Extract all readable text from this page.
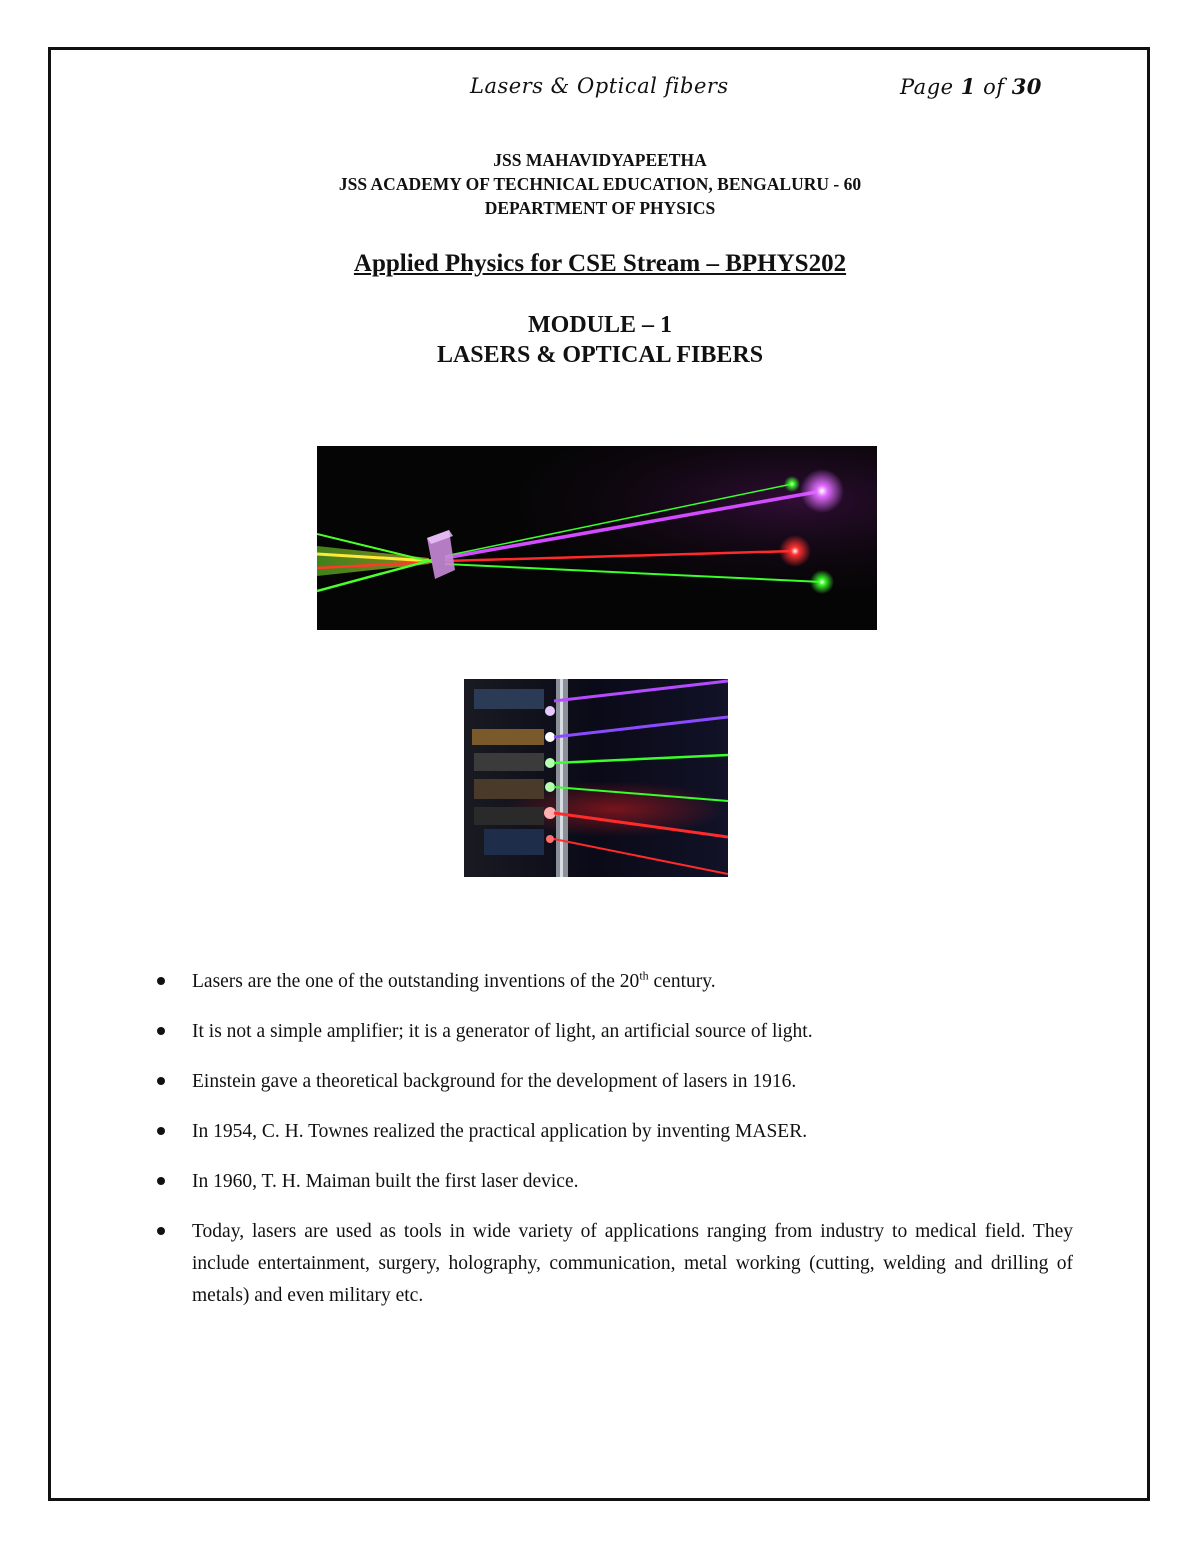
Lasers & Optical fibers	Page 1 of 30
JSS MAHAVIDYAPEETHA
JSS ACADEMY OF TECHNICAL EDUCATION, BENGALURU - 60
DEPARTMENT OF PHYSICS
Applied Physics for CSE Stream – BPHYS202
MODULE – 1
LASERS & OPTICAL FIBERS
Lasers are the one of the outstanding inventions of the 20th century.
It is not a simple amplifier; it is a generator of light, an artificial source of light.
Einstein gave a theoretical background for the development of lasers in 1916.
In 1954, C. H. Townes realized the practical application by inventing MASER.
In 1960, T. H. Maiman built the first laser device.
Today, lasers are used as tools in wide variety of applications ranging from industry to medical field. They include entertainment, surgery, holography, communication, metal working (cutting, welding and drilling of metals) and even military etc.
